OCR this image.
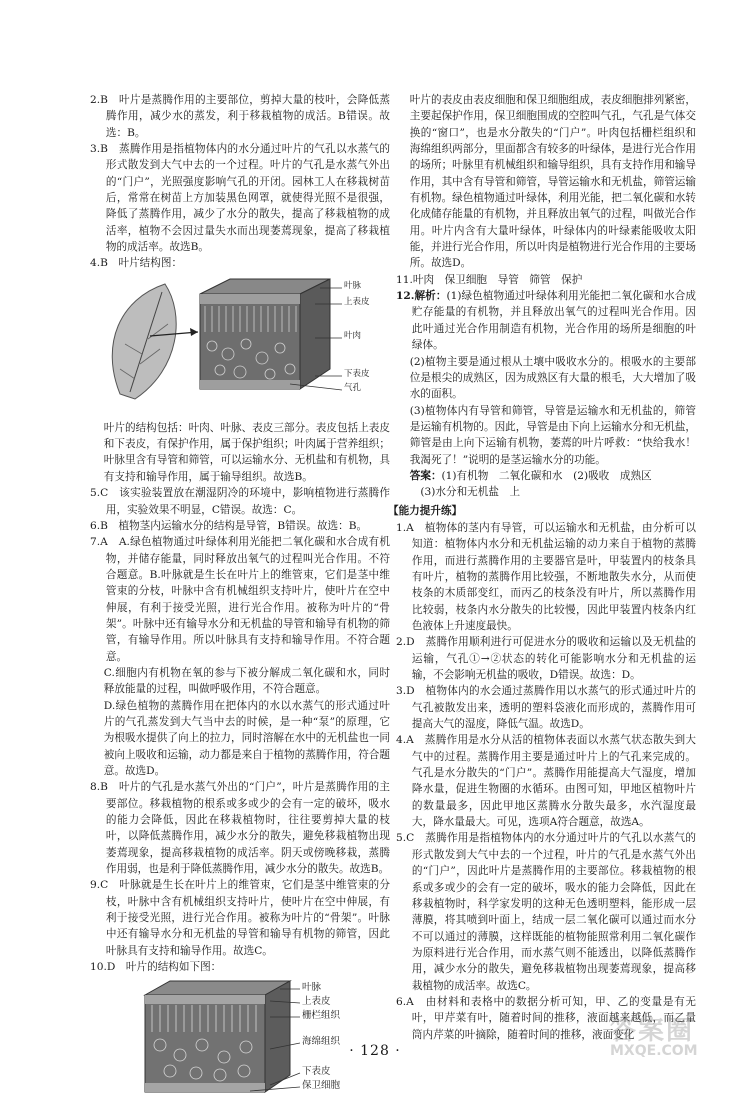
2.B　叶片是蒸腾作用的主要部位，剪掉大量的枝叶，会降低蒸腾作用，减少水的蒸发，利于移栽植物的成活。B错误。故选：B。

3.B　蒸腾作用是指植物体内的水分通过叶片的气孔以水蒸气的形式散发到大气中去的一个过程。叶片的气孔是水蒸气外出的“门户”，光照强度影响气孔的开闭。园林工人在移栽树苗后，常常在树苗上方加装黑色网罩，就使得光照不是很强，降低了蒸腾作用，减少了水分的散失，提高了移栽植物的成活率，植物不会因过量失水而出现萎蔫现象，提高了移栽植物的成活率。故选B。

4.B　叶片结构图：

叶脉
上表皮
叶肉
下表皮
气孔

叶片的结构包括：叶肉、叶脉、表皮三部分。表皮包括上表皮和下表皮，有保护作用，属于保护组织；叶肉属于营养组织；叶脉里含有导管和筛管，可以运输水分、无机盐和有机物，具有支持和输导作用，属于输导组织。故选B。

5.C　该实验装置放在潮湿阴冷的环境中，影响植物进行蒸腾作用，实验效果不明显，C错误。故选：C。

6.B　植物茎内运输水分的结构是导管，B错误。故选：B。

7.A　A.绿色植物通过叶绿体利用光能把二氧化碳和水合成有机物，并储存能量，同时释放出氧气的过程叫光合作用。不符合题意。B.叶脉就是生长在叶片上的维管束，它们是茎中维管束的分枝，叶脉中含有机械组织支持叶片，使叶片在空中伸展，有利于接受光照，进行光合作用。被称为叶片的“骨架”。叶脉中还有输导水分和无机盐的导管和输导有机物的筛管，有输导作用。所以叶脉具有支持和输导作用。不符合题意。

C.细胞内有机物在氧的参与下被分解成二氧化碳和水，同时释放能量的过程，叫做呼吸作用，不符合题意。

D.绿色植物的蒸腾作用在把体内的水以水蒸气的形式通过叶片的气孔蒸发到大气当中去的时候，是一种“泵”的原理，它为根吸水提供了向上的拉力，同时溶解在水中的无机盐也一同被向上吸收和运输，动力都是来自于植物的蒸腾作用，符合题意。故选D。

8.B　叶片的气孔是水蒸气外出的“门户”，叶片是蒸腾作用的主要部位。移栽植物的根系或多或少的会有一定的破坏，吸水的能力会降低，因此在移栽植物时，往往要剪掉大量的枝叶，以降低蒸腾作用，减少水分的散失，避免移栽植物出现萎蔫现象，提高移栽植物的成活率。阴天或傍晚移栽，蒸腾作用弱，也是利于降低蒸腾作用，减少水分的散失。故选B。

9.C　叶脉就是生长在叶片上的维管束，它们是茎中维管束的分枝，叶脉中含有机械组织支持叶片，使叶片在空中伸展，有利于接受光照，进行光合作用。被称为叶片的“骨架”。叶脉中还有输导水分和无机盐的导管和输导有机物的筛管，因此叶脉具有支持和输导作用。故选C。

10.D　叶片的结构如下图：

叶脉
上表皮
栅栏组织
海绵组织
下表皮
保卫细胞

叶片的表皮由表皮细胞和保卫细胞组成，表皮细胞排列紧密，主要起保护作用，保卫细胞围成的空腔叫气孔，气孔是气体交换的“窗口”，也是水分散失的“门户”。叶肉包括栅栏组织和海绵组织两部分，里面都含有较多的叶绿体，是进行光合作用的场所；叶脉里有机械组织和输导组织，具有支持作用和输导作用，其中含有导管和筛管，导管运输水和无机盐，筛管运输有机物。绿色植物通过叶绿体，利用光能，把二氧化碳和水转化成储存能量的有机物，并且释放出氧气的过程，叫做光合作用。叶片内含有大量叶绿体，叶绿体内的叶绿素能吸收太阳能，并进行光合作用，所以叶肉是植物进行光合作用的主要场所。故选D。

11.叶肉　保卫细胞　导管　筛管　保护

12.解析：(1)绿色植物通过叶绿体利用光能把二氧化碳和水合成贮存能量的有机物，并且释放出氧气的过程叫光合作用。因此叶通过光合作用制造有机物，光合作用的场所是细胞的叶绿体。

(2)植物主要是通过根从土壤中吸收水分的。根吸水的主要部位是根尖的成熟区，因为成熟区有大量的根毛，大大增加了吸水的面积。

(3)植物体内有导管和筛管，导管是运输水和无机盐的，筛管是运输有机物的。因此，导管是由下向上运输水分和无机盐，筛管是由上向下运输有机物，萎蔫的叶片呼救：“快给我水！我渴死了！”说明的是茎运输水分的功能。

答案：(1)有机物　二氧化碳和水　(2)吸收　成熟区

(3)水分和无机盐　上

【能力提升练】

1.A　植物体的茎内有导管，可以运输水和无机盐，由分析可以知道：植物体内水分和无机盐运输的动力来自于植物的蒸腾作用，而进行蒸腾作用的主要器官是叶，甲装置内的枝条具有叶片，植物的蒸腾作用比较强，不断地散失水分，从而使枝条的木质部变红，而丙乙的枝条没有叶片，所以蒸腾作用比较弱，枝条内水分散失的比较慢，因此甲装置内枝条内红色液体上升速度最快。

2.D　蒸腾作用顺利进行可促进水分的吸收和运输以及无机盐的运输，气孔①→②状态的转化可能影响水分和无机盐的运输，不会影响无机盐的吸收，D错误。故选：D。

3.D　植物体内的水会通过蒸腾作用以水蒸气的形式通过叶片的气孔被散发出来，透明的塑料袋液化而形成的，蒸腾作用可提高大气的湿度，降低气温。故选D。

4.A　蒸腾作用是水分从活的植物体表面以水蒸气状态散失到大气中的过程。蒸腾作用主要是通过叶片上的气孔来完成的。气孔是水分散失的“门户”。蒸腾作用能提高大气湿度，增加降水量，促进生物圈的水循环。由图可知，甲地区植物叶片的数量最多，因此甲地区蒸腾水分散失最多，水汽湿度最大，降水量最大。可见，选项A符合题意，故选A。

5.C　蒸腾作用是指植物体内的水分通过叶片的气孔以水蒸气的形式散发到大气中去的一个过程，叶片的气孔是水蒸气外出的“门户”，因此叶片是蒸腾作用的主要部位。移栽植物的根系或多或少的会有一定的破坏，吸水的能力会降低，因此在移栽植物时，科学家发明的这种无色透明塑料，能形成一层薄膜，将其喷到叶面上，结成一层二氧化碳可以通过而水分不可以通过的薄膜，这样既能的植物能照常利用二氧化碳作为原料进行光合作用，而水蒸气则不能透出，以降低蒸腾作用，减少水分的散失，避免移栽植物出现萎蔫现象，提高移栽植物的成活率。故选C。

6.A　由材料和表格中的数据分析可知，甲、乙的变量是有无叶，甲芹菜有叶，随着时间的推移，液面越来越低，而乙量筒内芹菜的叶摘除，随着时间的推移，液面变化

· 128 ·
答案圈
MXQE.COM
